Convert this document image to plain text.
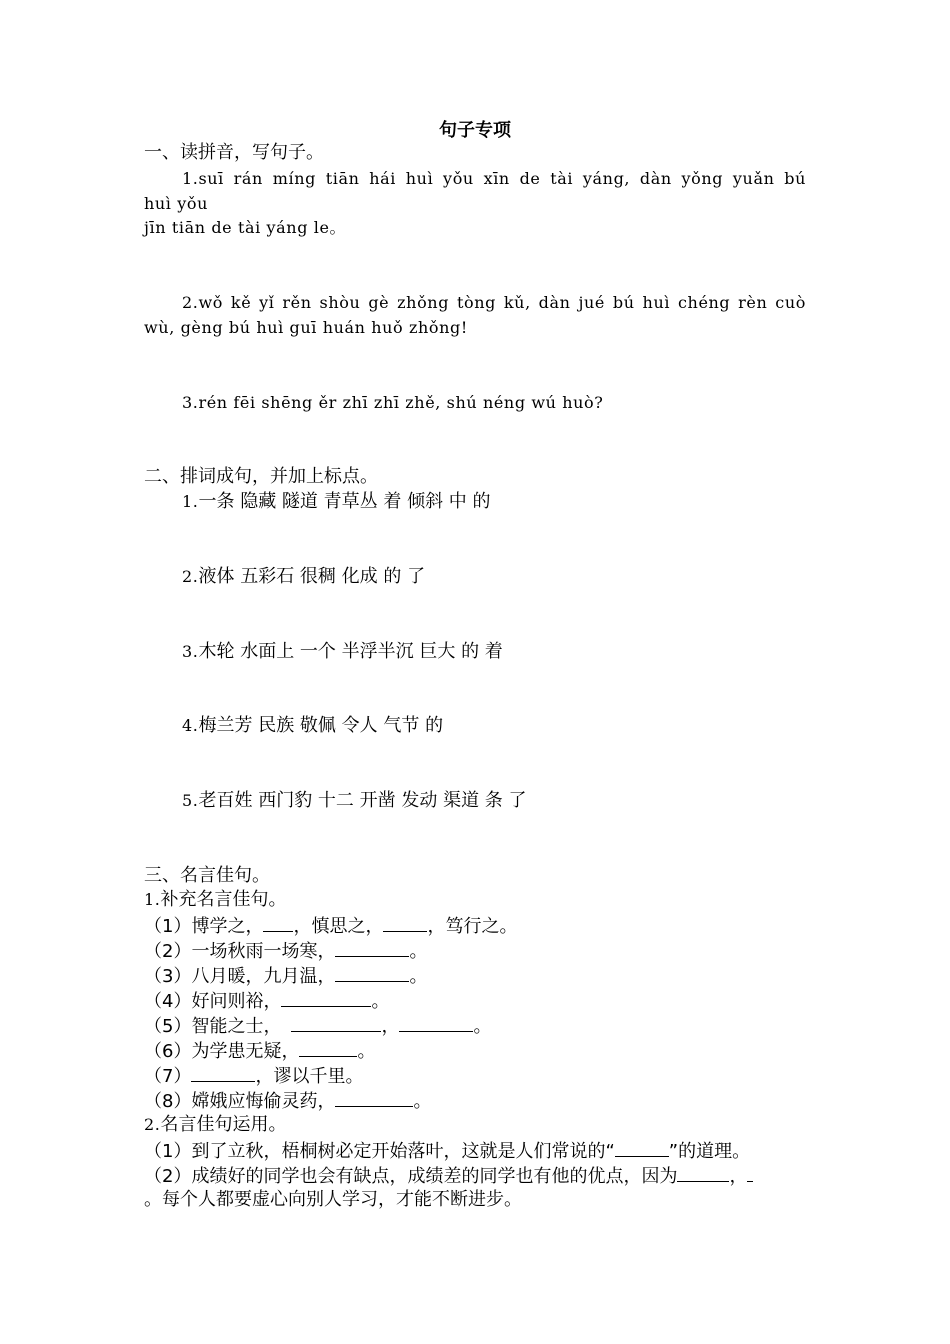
句子专项
一、读拼音，写句子。
1.suī rán míng tiān hái huì yǒu xīn de tài yáng, dàn yǒng yuǎn bú
huì yǒu
jīn tiān de tài yáng le。
2.wǒ kě yǐ rěn shòu gè zhǒng tòng kǔ, dàn jué bú huì chéng rèn cuò
wù, gèng bú huì guī huán huǒ zhǒng!
3.rén fēi shēng ěr zhī zhī zhě, shú néng wú huò?
二、排词成句，并加上标点。
1.一条 隐藏 隧道 青草丛 着 倾斜 中 的
2.液体 五彩石 很稠 化成 的 了
3.木轮 水面上 一个 半浮半沉 巨大 的 着
4.梅兰芳 民族 敬佩 令人 气节 的
5.老百姓 西门豹 十二 开凿 发动 渠道 条 了
三、名言佳句。
1.补充名言佳句。
（1）博学之， ，慎思之， ，笃行之。
（2）一场秋雨一场寒，	。
（3）八月暖，九月温，	。
（4）好问则裕，	。
（5）智能之士，	，	。
（6）为学患无疑，	。
（7）	，谬以千里。
（8）嫦娥应悔偷灵药，	。
2.名言佳句运用。
（1）到了立秋，梧桐树必定开始落叶，这就是人们常说的“	”的道理。
（2）成绩好的同学也会有缺点，成绩差的同学也有他的优点，因为	，
。每个人都要虚心向别人学习，才能不断进步。
